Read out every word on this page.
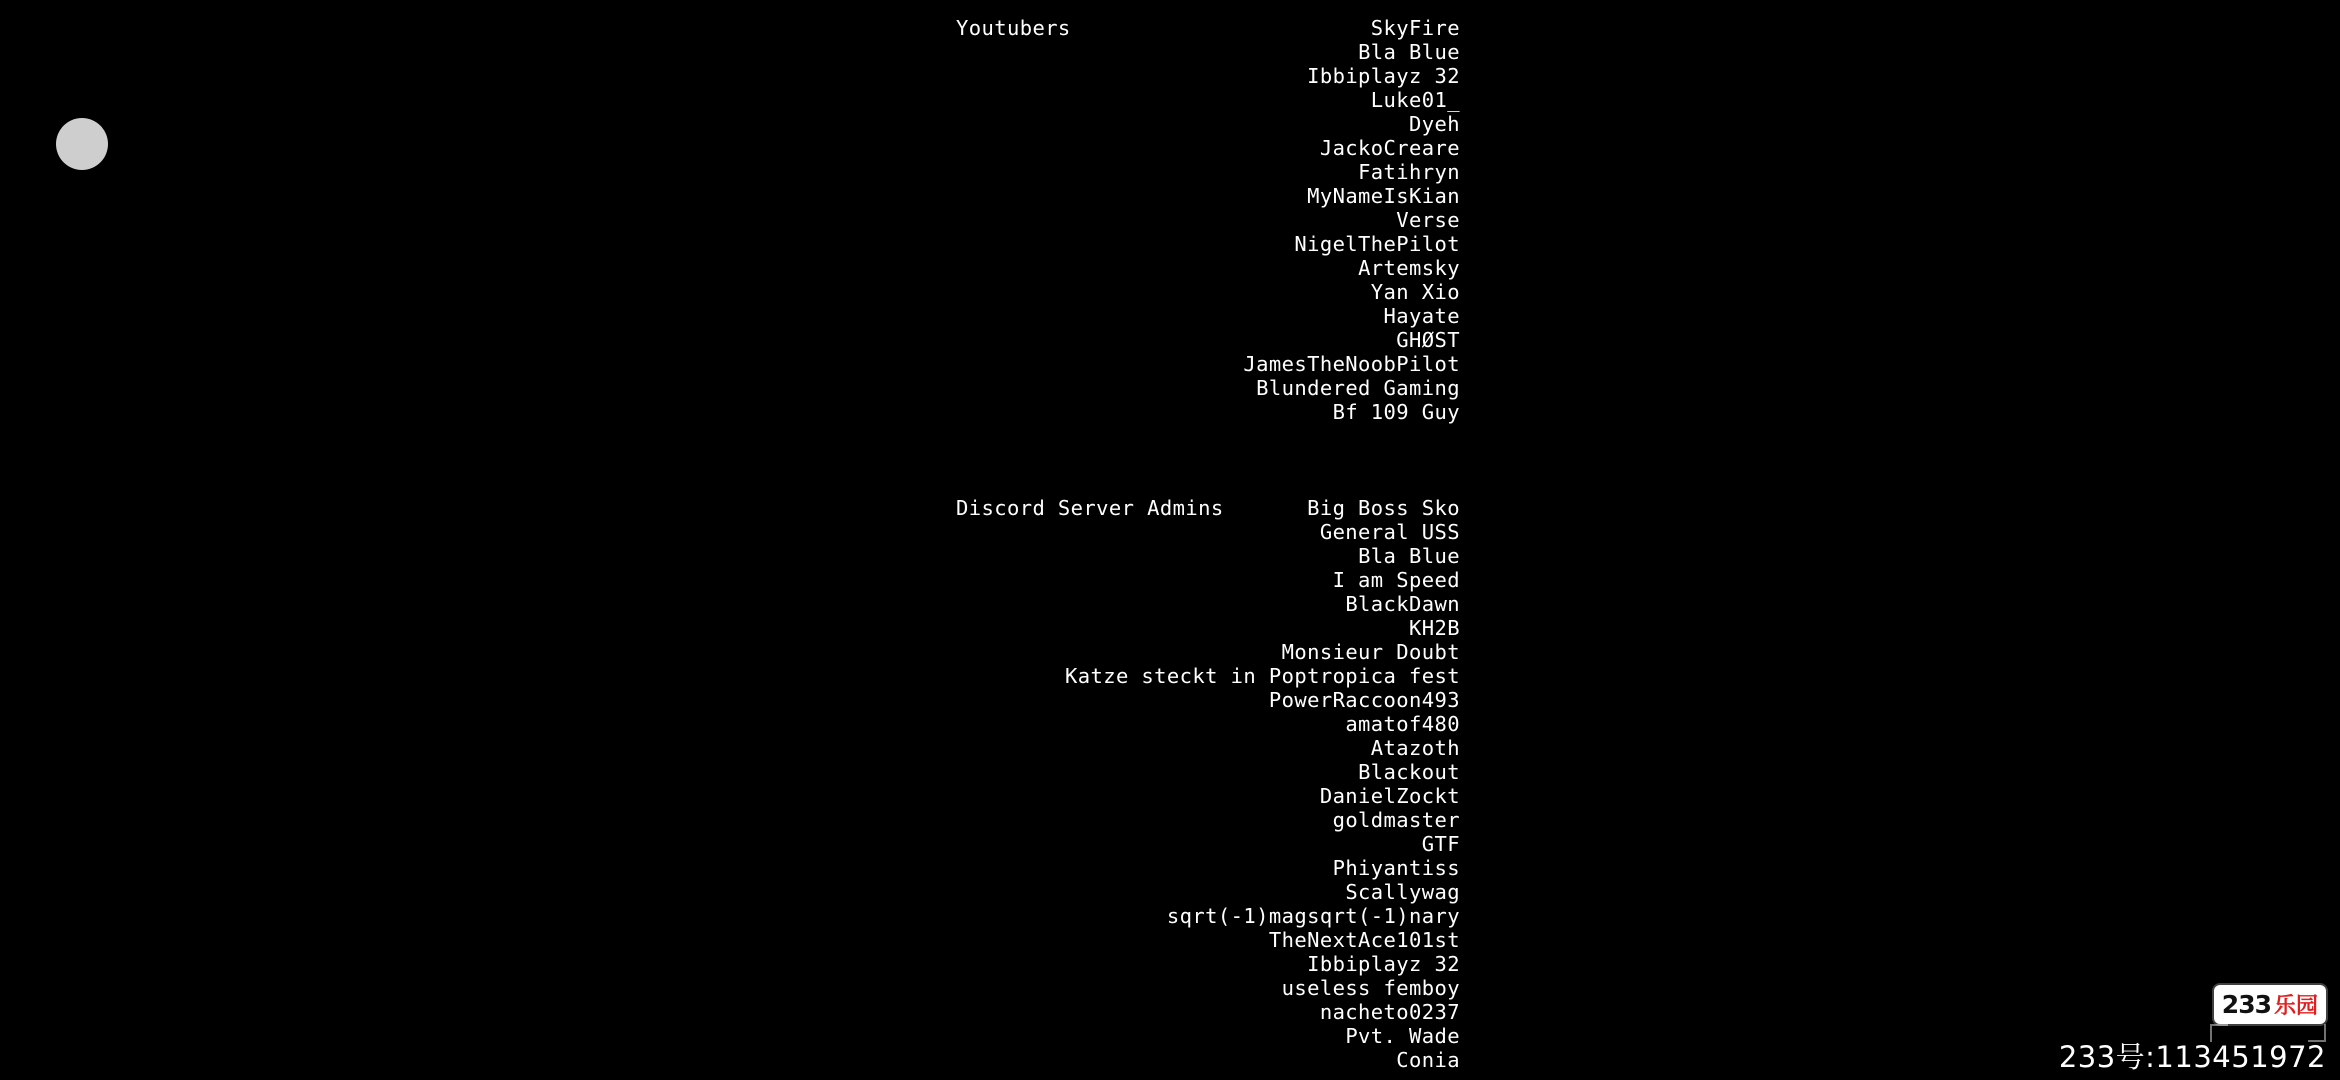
Youtubers	SkyFire
Bla Blue
Ibbiplayz 32
Luke01_
Dyeh
JackoCreare
Fatihryn
MyNameIsKian
Verse
NigelThePilot
Artemsky
Yan Xio
Hayate
GHØST
JamesTheNoobPilot
Blundered Gaming
Bf 109 Guy
Discord Server Admins	Big Boss Sko
General USS
Bla Blue
I am Speed
BlackDawn
KH2B
Monsieur Doubt
Katze steckt in Poptropica fest
PowerRaccoon493
amatof480
Atazoth
Blackout
DanielZockt
goldmaster
GTF
Phiyantiss
Scallywag
sqrt(-1)magsqrt(-1)nary
TheNextAce101st
Ibbiplayz 32
useless femboy
nacheto0237
Pvt. Wade
Conia
233 乐园
233号:113451972
